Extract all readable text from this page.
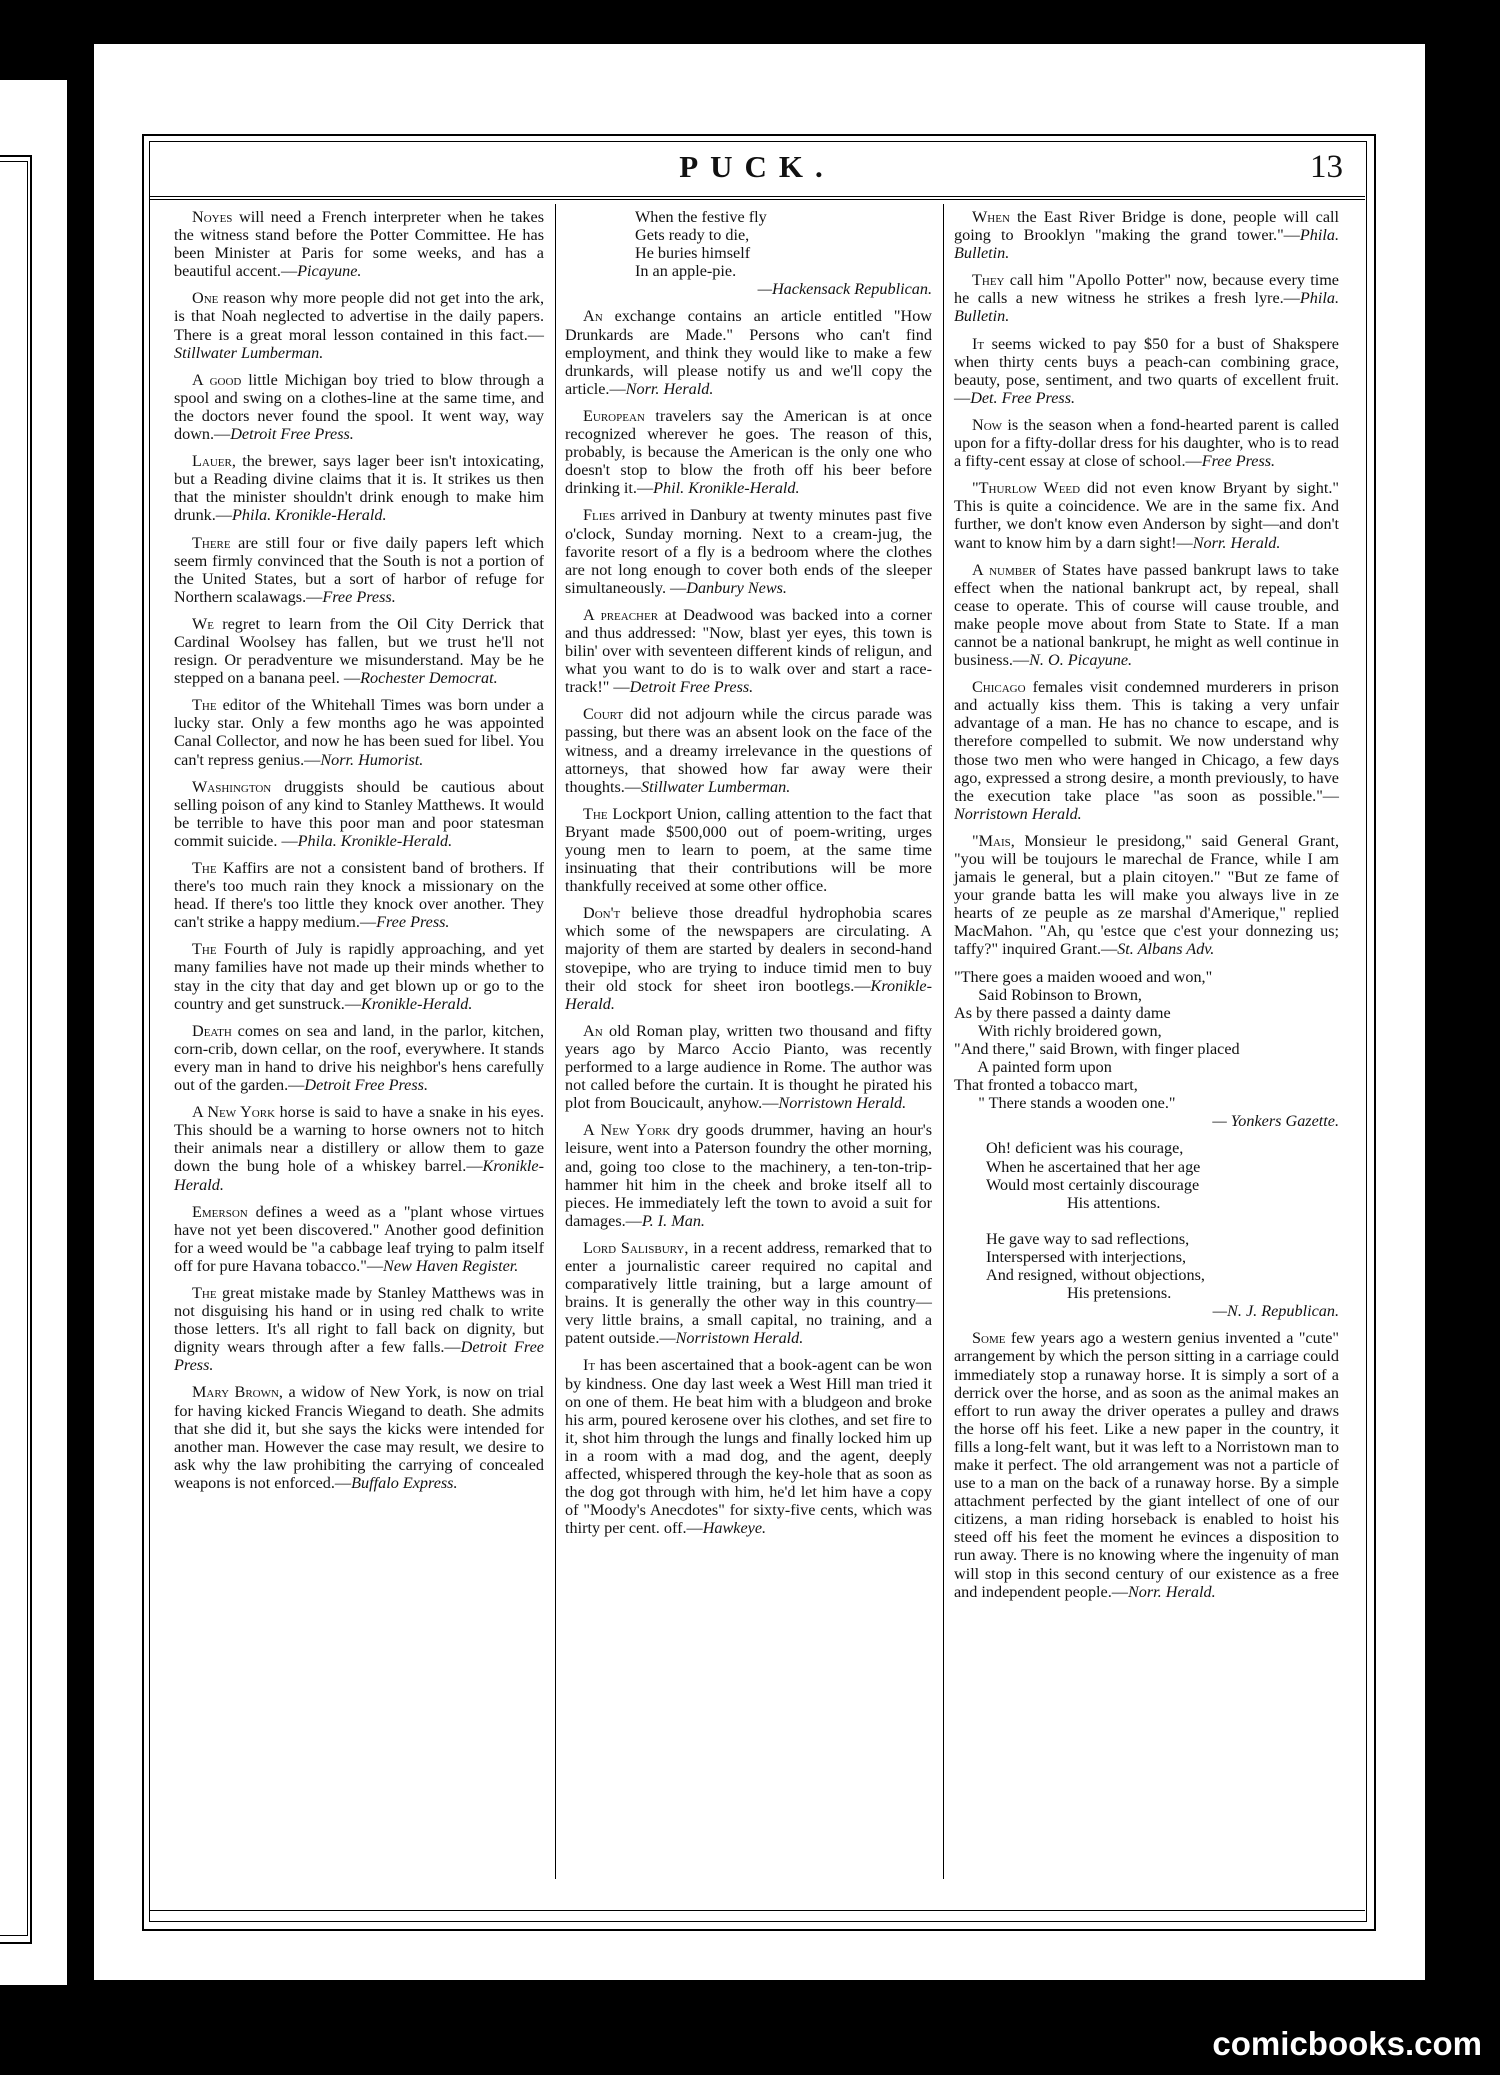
PUCK.	13
Noyes will need a French interpreter when he takes the witness stand before the Potter Committee. He has been Minister at Paris for some weeks, and has a beautiful accent.—Picayune.
One reason why more people did not get into the ark, is that Noah neglected to advertise in the daily papers. There is a great moral lesson contained in this fact.—Stillwater Lumberman.
A good little Michigan boy tried to blow through a spool and swing on a clothes-line at the same time, and the doctors never found the spool. It went way, way down.—Detroit Free Press.
Lauer, the brewer, says lager beer isn't intoxicating, but a Reading divine claims that it is. It strikes us then that the minister shouldn't drink enough to make him drunk.—Phila. Kronikle-Herald.
There are still four or five daily papers left which seem firmly convinced that the South is not a portion of the United States, but a sort of harbor of refuge for Northern scalawags.—Free Press.
We regret to learn from the Oil City Derrick that Cardinal Woolsey has fallen, but we trust he'll not resign. Or peradventure we misunderstand. May be he stepped on a banana peel. —Rochester Democrat.
The editor of the Whitehall Times was born under a lucky star. Only a few months ago he was appointed Canal Collector, and now he has been sued for libel. You can't repress genius.—Norr. Humorist.
Washington druggists should be cautious about selling poison of any kind to Stanley Matthews. It would be terrible to have this poor man and poor statesman commit suicide. —Phila. Kronikle-Herald.
The Kaffirs are not a consistent band of brothers. If there's too much rain they knock a missionary on the head. If there's too little they knock over another. They can't strike a happy medium.—Free Press.
The Fourth of July is rapidly approaching, and yet many families have not made up their minds whether to stay in the city that day and get blown up or go to the country and get sunstruck.—Kronikle-Herald.
Death comes on sea and land, in the parlor, kitchen, corn-crib, down cellar, on the roof, everywhere. It stands every man in hand to drive his neighbor's hens carefully out of the garden.—Detroit Free Press.
A New York horse is said to have a snake in his eyes. This should be a warning to horse owners not to hitch their animals near a distillery or allow them to gaze down the bung hole of a whiskey barrel.—Kronikle-Herald.
Emerson defines a weed as a "plant whose virtues have not yet been discovered." Another good definition for a weed would be "a cabbage leaf trying to palm itself off for pure Havana tobacco."—New Haven Register.
The great mistake made by Stanley Matthews was in not disguising his hand or in using red chalk to write those letters. It's all right to fall back on dignity, but dignity wears through after a few falls.—Detroit Free Press.
Mary Brown, a widow of New York, is now on trial for having kicked Francis Wiegand to death. She admits that she did it, but she says the kicks were intended for another man. However the case may result, we desire to ask why the law prohibiting the carrying of concealed weapons is not enforced.—Buffalo Express.
When the festive fly
Gets ready to die,
He buries himself
In an apple-pie.
—Hackensack Republican.
An exchange contains an article entitled "How Drunkards are Made." Persons who can't find employment, and think they would like to make a few drunkards, will please notify us and we'll copy the article.—Norr. Herald.
European travelers say the American is at once recognized wherever he goes. The reason of this, probably, is because the American is the only one who doesn't stop to blow the froth off his beer before drinking it.—Phil. Kronikle-Herald.
Flies arrived in Danbury at twenty minutes past five o'clock, Sunday morning. Next to a cream-jug, the favorite resort of a fly is a bedroom where the clothes are not long enough to cover both ends of the sleeper simultaneously. —Danbury News.
A preacher at Deadwood was backed into a corner and thus addressed: "Now, blast yer eyes, this town is bilin' over with seventeen different kinds of religun, and what you want to do is to walk over and start a race-track!" —Detroit Free Press.
Court did not adjourn while the circus parade was passing, but there was an absent look on the face of the witness, and a dreamy irrelevance in the questions of attorneys, that showed how far away were their thoughts.—Stillwater Lumberman.
The Lockport Union, calling attention to the fact that Bryant made $500,000 out of poem-writing, urges young men to learn to poem, at the same time insinuating that their contributions will be more thankfully received at some other office.
Don't believe those dreadful hydrophobia scares which some of the newspapers are circulating. A majority of them are started by dealers in second-hand stovepipe, who are trying to induce timid men to buy their old stock for sheet iron bootlegs.—Kronikle-Herald.
An old Roman play, written two thousand and fifty years ago by Marco Accio Pianto, was recently performed to a large audience in Rome. The author was not called before the curtain. It is thought he pirated his plot from Boucicault, anyhow.—Norristown Herald.
A New York dry goods drummer, having an hour's leisure, went into a Paterson foundry the other morning, and, going too close to the machinery, a ten-ton-trip-hammer hit him in the cheek and broke itself all to pieces. He immediately left the town to avoid a suit for damages.—P. I. Man.
Lord Salisbury, in a recent address, remarked that to enter a journalistic career required no capital and comparatively little training, but a large amount of brains. It is generally the other way in this country—very little brains, a small capital, no training, and a patent outside.—Norristown Herald.
It has been ascertained that a book-agent can be won by kindness. One day last week a West Hill man tried it on one of them. He beat him with a bludgeon and broke his arm, poured kerosene over his clothes, and set fire to it, shot him through the lungs and finally locked him up in a room with a mad dog, and the agent, deeply affected, whispered through the key-hole that as soon as the dog got through with him, he'd let him have a copy of "Moody's Anecdotes" for sixty-five cents, which was thirty per cent. off.—Hawkeye.
When the East River Bridge is done, people will call going to Brooklyn "making the grand tower."—Phila. Bulletin.
They call him "Apollo Potter" now, because every time he calls a new witness he strikes a fresh lyre.—Phila. Bulletin.
It seems wicked to pay $50 for a bust of Shakspere when thirty cents buys a peach-can combining grace, beauty, pose, sentiment, and two quarts of excellent fruit.—Det. Free Press.
Now is the season when a fond-hearted parent is called upon for a fifty-dollar dress for his daughter, who is to read a fifty-cent essay at close of school.—Free Press.
"Thurlow Weed did not even know Bryant by sight." This is quite a coincidence. We are in the same fix. And further, we don't know even Anderson by sight—and don't want to know him by a darn sight!—Norr. Herald.
A number of States have passed bankrupt laws to take effect when the national bankrupt act, by repeal, shall cease to operate. This of course will cause trouble, and make people move about from State to State. If a man cannot be a national bankrupt, he might as well continue in business.—N. O. Picayune.
Chicago females visit condemned murderers in prison and actually kiss them. This is taking a very unfair advantage of a man. He has no chance to escape, and is therefore compelled to submit. We now understand why those two men who were hanged in Chicago, a few days ago, expressed a strong desire, a month previously, to have the execution take place "as soon as possible."—Norristown Herald.
"Mais, Monsieur le presidong," said General Grant, "you will be toujours le marechal de France, while I am jamais le general, but a plain citoyen." "But ze fame of your grande batta les will make you always live in ze hearts of ze peuple as ze marshal d'Amerique," replied MacMahon. "Ah, qu 'estce que c'est your donnezing us; taffy?" inquired Grant.—St. Albans Adv.
"There goes a maiden wooed and won,"
Said Robinson to Brown,
As by there passed a dainty dame
With richly broidered gown,
"And there," said Brown, with finger placed
A painted form upon
That fronted a tobacco mart,
" There stands a wooden one."
— Yonkers Gazette.
Oh! deficient was his courage,
When he ascertained that her age
Would most certainly discourage
His attentions.

He gave way to sad reflections,
Interspersed with interjections,
And resigned, without objections,
His pretensions.
—N. J. Republican.
Some few years ago a western genius invented a "cute" arrangement by which the person sitting in a carriage could immediately stop a runaway horse. It is simply a sort of a derrick over the horse, and as soon as the animal makes an effort to run away the driver operates a pulley and draws the horse off his feet. Like a new paper in the country, it fills a long-felt want, but it was left to a Norristown man to make it perfect. The old arrangement was not a particle of use to a man on the back of a runaway horse. By a simple attachment perfected by the giant intellect of one of our citizens, a man riding horseback is enabled to hoist his steed off his feet the moment he evinces a disposition to run away. There is no knowing where the ingenuity of man will stop in this second century of our existence as a free and independent people.—Norr. Herald.
comicbooks.com
